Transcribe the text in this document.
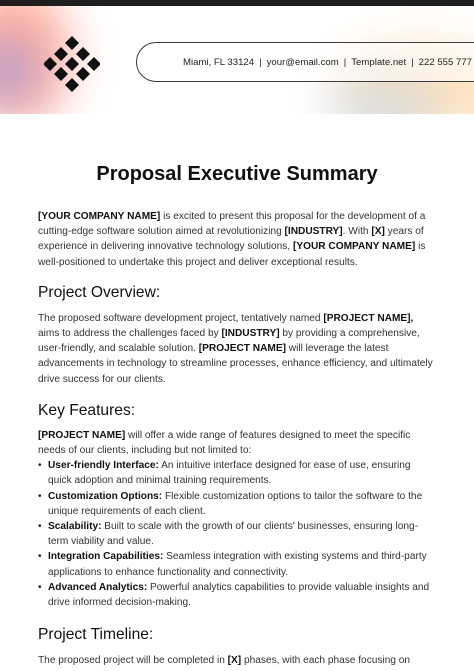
Miami, FL 33124 | your@email.com | Template.net | 222 555 777
Proposal Executive Summary

[YOUR COMPANY NAME] is excited to present this proposal for the development of a cutting-edge software solution aimed at revolutionizing [INDUSTRY]. With [X] years of experience in delivering innovative technology solutions, [YOUR COMPANY NAME] is well-positioned to undertake this project and deliver exceptional results.

Project Overview:

The proposed software development project, tentatively named [PROJECT NAME], aims to address the challenges faced by [INDUSTRY] by providing a comprehensive, user-friendly, and scalable solution. [PROJECT NAME] will leverage the latest advancements in technology to streamline processes, enhance efficiency, and ultimately drive success for our clients.

Key Features:

[PROJECT NAME] will offer a wide range of features designed to meet the specific needs of our clients, including but not limited to:

• User-friendly Interface: An intuitive interface designed for ease of use, ensuring quick adoption and minimal training requirements.
• Customization Options: Flexible customization options to tailor the software to the unique requirements of each client.
• Scalability: Built to scale with the growth of our clients' businesses, ensuring long-term viability and value.
• Integration Capabilities: Seamless integration with existing systems and third-party applications to enhance functionality and connectivity.
• Advanced Analytics: Powerful analytics capabilities to provide valuable insights and drive informed decision-making.
Project Timeline:

The proposed project will be completed in [X] phases, with each phase focusing on
